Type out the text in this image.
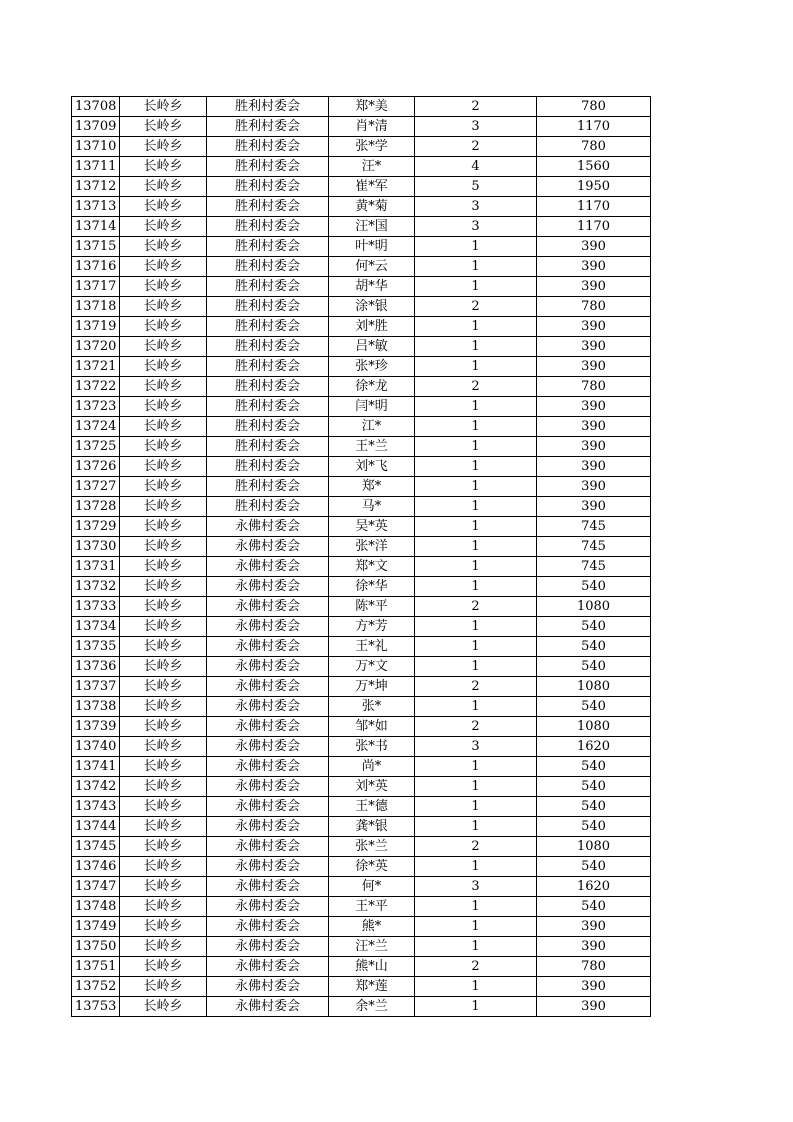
13708	长岭乡	胜利村委会	郑*美	2	780
13709	长岭乡	胜利村委会	肖*清	3	1170
13710	长岭乡	胜利村委会	张*学	2	780
13711	长岭乡	胜利村委会	汪*	4	1560
13712	长岭乡	胜利村委会	崔*军	5	1950
13713	长岭乡	胜利村委会	黄*菊	3	1170
13714	长岭乡	胜利村委会	汪*国	3	1170
13715	长岭乡	胜利村委会	叶*明	1	390
13716	长岭乡	胜利村委会	何*云	1	390
13717	长岭乡	胜利村委会	胡*华	1	390
13718	长岭乡	胜利村委会	涂*银	2	780
13719	长岭乡	胜利村委会	刘*胜	1	390
13720	长岭乡	胜利村委会	吕*敏	1	390
13721	长岭乡	胜利村委会	张*珍	1	390
13722	长岭乡	胜利村委会	徐*龙	2	780
13723	长岭乡	胜利村委会	闫*明	1	390
13724	长岭乡	胜利村委会	江*	1	390
13725	长岭乡	胜利村委会	王*兰	1	390
13726	长岭乡	胜利村委会	刘*飞	1	390
13727	长岭乡	胜利村委会	郑*	1	390
13728	长岭乡	胜利村委会	马*	1	390
13729	长岭乡	永佛村委会	吴*英	1	745
13730	长岭乡	永佛村委会	张*洋	1	745
13731	长岭乡	永佛村委会	郑*文	1	745
13732	长岭乡	永佛村委会	徐*华	1	540
13733	长岭乡	永佛村委会	陈*平	2	1080
13734	长岭乡	永佛村委会	方*芳	1	540
13735	长岭乡	永佛村委会	王*礼	1	540
13736	长岭乡	永佛村委会	万*文	1	540
13737	长岭乡	永佛村委会	万*坤	2	1080
13738	长岭乡	永佛村委会	张*	1	540
13739	长岭乡	永佛村委会	邹*如	2	1080
13740	长岭乡	永佛村委会	张*书	3	1620
13741	长岭乡	永佛村委会	尚*	1	540
13742	长岭乡	永佛村委会	刘*英	1	540
13743	长岭乡	永佛村委会	王*德	1	540
13744	长岭乡	永佛村委会	龚*银	1	540
13745	长岭乡	永佛村委会	张*兰	2	1080
13746	长岭乡	永佛村委会	徐*英	1	540
13747	长岭乡	永佛村委会	何*	3	1620
13748	长岭乡	永佛村委会	王*平	1	540
13749	长岭乡	永佛村委会	熊*	1	390
13750	长岭乡	永佛村委会	汪*兰	1	390
13751	长岭乡	永佛村委会	熊*山	2	780
13752	长岭乡	永佛村委会	郑*莲	1	390
13753	长岭乡	永佛村委会	余*兰	1	390
